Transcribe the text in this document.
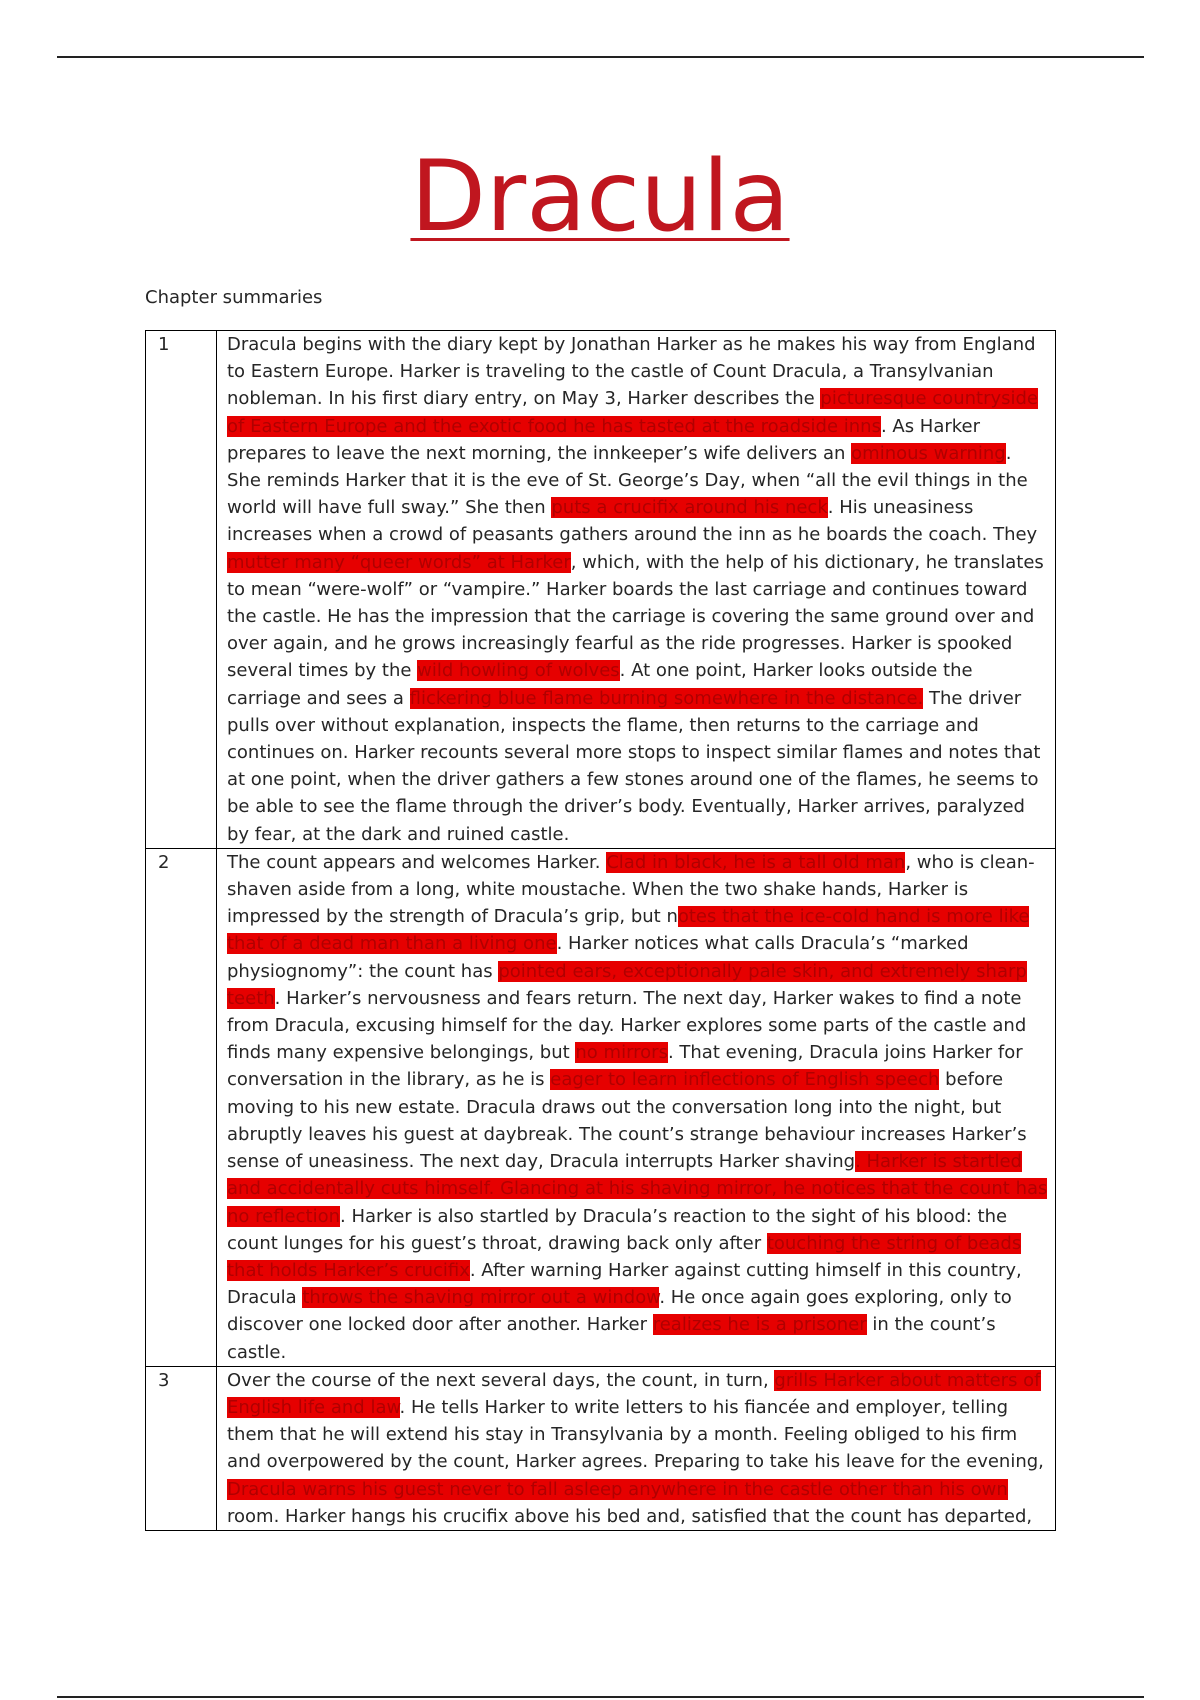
Dracula
Chapter summaries
1	Dracula begins with the diary kept by Jonathan Harker as he makes his way from England to Eastern Europe. Harker is traveling to the castle of Count Dracula, a Transylvanian nobleman. In his first diary entry, on May 3, Harker describes the picturesque countryside of Eastern Europe and the exotic food he has tasted at the roadside inns. As Harker prepares to leave the next morning, the innkeeper’s wife delivers an ominous warning. She reminds Harker that it is the eve of St. George’s Day, when “all the evil things in the world will have full sway.” She then puts a crucifix around his neck. His uneasiness increases when a crowd of peasants gathers around the inn as he boards the coach. They mutter many “queer words” at Harker, which, with the help of his dictionary, he translates to mean “were-wolf” or “vampire.” Harker boards the last carriage and continues toward the castle. He has the impression that the carriage is covering the same ground over and over again, and he grows increasingly fearful as the ride progresses. Harker is spooked several times by the wild howling of wolves. At one point, Harker looks outside the carriage and sees a flickering blue flame burning somewhere in the distance. The driver pulls over without explanation, inspects the flame, then returns to the carriage and continues on. Harker recounts several more stops to inspect similar flames and notes that at one point, when the driver gathers a few stones around one of the flames, he seems to be able to see the flame through the driver’s body. Eventually, Harker arrives, paralyzed by fear, at the dark and ruined castle.
2	The count appears and welcomes Harker. Clad in black, he is a tall old man, who is clean-shaven aside from a long, white moustache. When the two shake hands, Harker is impressed by the strength of Dracula’s grip, but notes that the ice-cold hand is more like that of a dead man than a living one. Harker notices what calls Dracula’s “marked physiognomy”: the count has pointed ears, exceptionally pale skin, and extremely sharp teeth. Harker’s nervousness and fears return. The next day, Harker wakes to find a note from Dracula, excusing himself for the day. Harker explores some parts of the castle and finds many expensive belongings, but no mirrors. That evening, Dracula joins Harker for conversation in the library, as he is eager to learn inflections of English speech before moving to his new estate. Dracula draws out the conversation long into the night, but abruptly leaves his guest at daybreak. The count’s strange behaviour increases Harker’s sense of uneasiness. The next day, Dracula interrupts Harker shaving. Harker is startled and accidentally cuts himself. Glancing at his shaving mirror, he notices that the count has no reflection. Harker is also startled by Dracula’s reaction to the sight of his blood: the count lunges for his guest’s throat, drawing back only after touching the string of beads that holds Harker’s crucifix. After warning Harker against cutting himself in this country, Dracula throws the shaving mirror out a window. He once again goes exploring, only to discover one locked door after another. Harker realizes he is a prisoner in the count’s castle.
3	Over the course of the next several days, the count, in turn, grills Harker about matters of English life and law. He tells Harker to write letters to his fiancée and employer, telling them that he will extend his stay in Transylvania by a month. Feeling obliged to his firm and overpowered by the count, Harker agrees. Preparing to take his leave for the evening, Dracula warns his guest never to fall asleep anywhere in the castle other than his own room. Harker hangs his crucifix above his bed and, satisfied that the count has departed,
